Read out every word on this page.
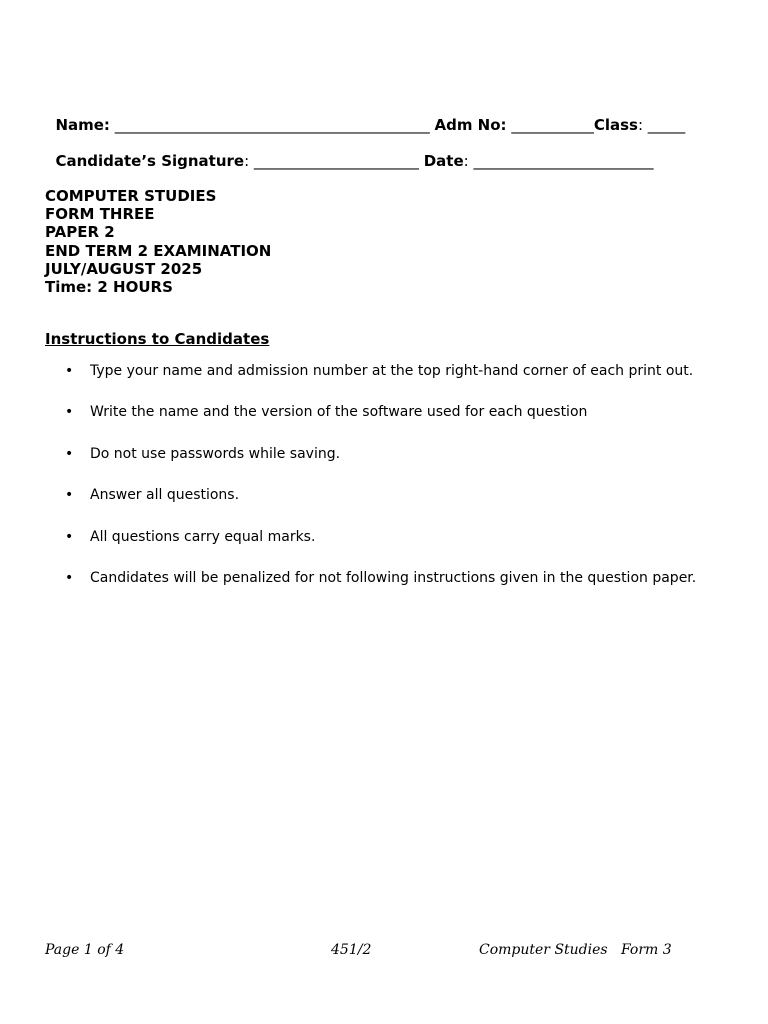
Name: __________________________________________ Adm No: ___________Class: _____

Candidate’s Signature: ______________________ Date: ________________________

COMPUTER STUDIES
FORM THREE
PAPER 2
END TERM 2 EXAMINATION
JULY/AUGUST 2025
Time: 2 HOURS
Instructions to Candidates

•

Type your name and admission number at the top right-hand corner of each print out.

•

Write the name and the version of the software used for each question

•

Do not use passwords while saving.

•

Answer all questions.

•

All questions carry equal marks.

•

Candidates will be penalized for not following instructions given in the question paper.

Page 1 of 4	451/2	Computer Studies   Form 3
